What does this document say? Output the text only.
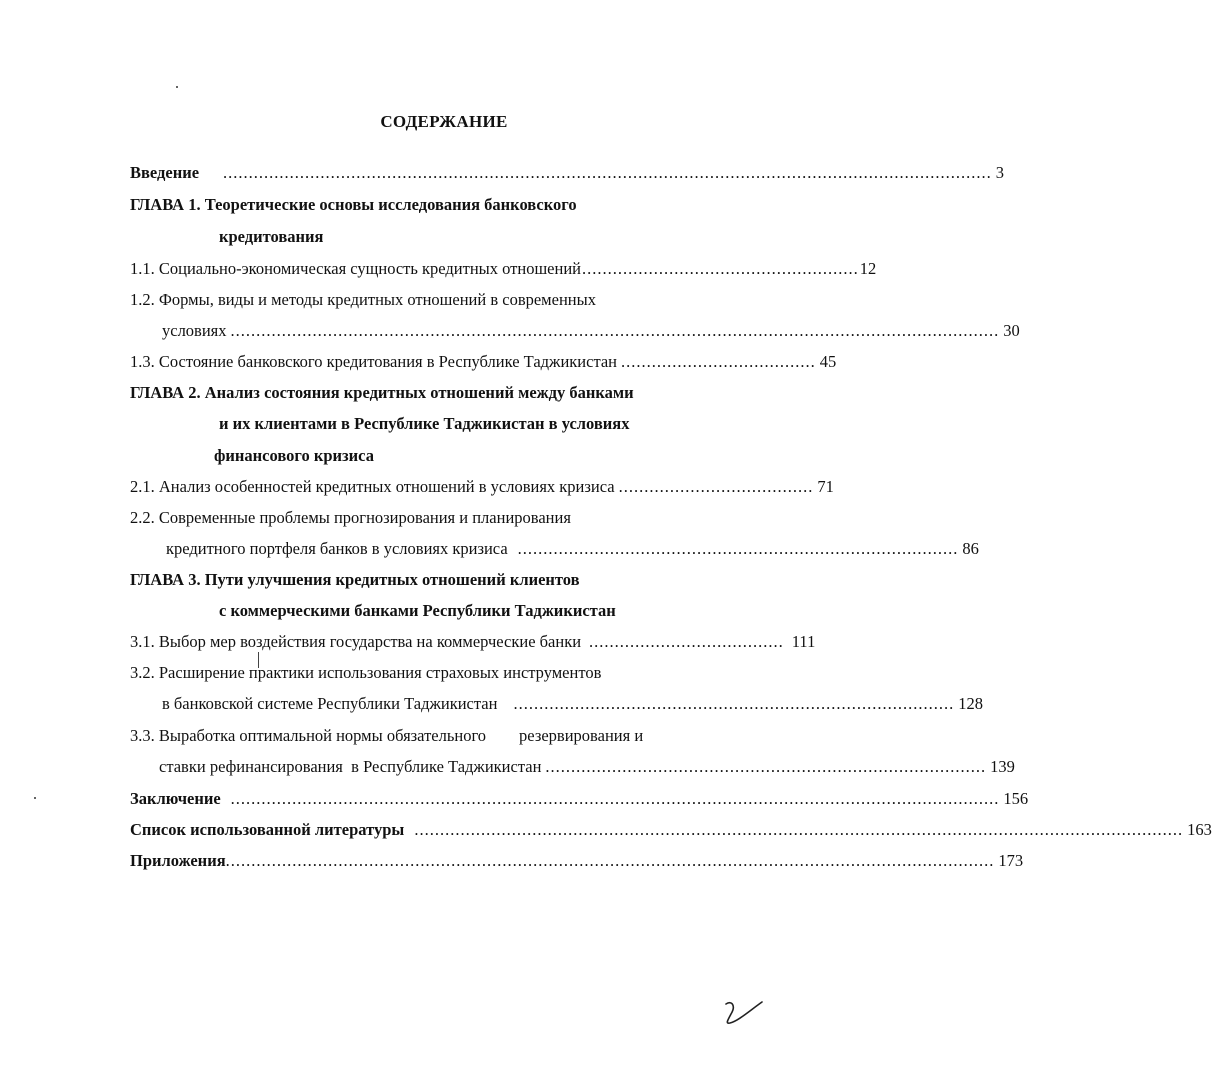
СОДЕРЖАНИЕ
Введение ...................................................................................................................................................... 3
ГЛАВА 1. Теоретические основы исследования банковского
кредитования
1.1. Социально-экономическая сущность кредитных отношений ...................................................... 12
1.2. Формы, виды и методы кредитных отношений в современных
условиях ...................................................................................................................................................... 30
1.3. Состояние банковского кредитования в Республике Таджикистан ...................................... 45
ГЛАВА 2. Анализ состояния кредитных отношений между банками
и их клиентами в Республике Таджикистан в условиях
финансового кризиса
2.1. Анализ особенностей кредитных отношений в условиях кризиса ...................................... 71
2.2. Современные проблемы прогнозирования и планирования
кредитного портфеля банков в условиях кризиса ...................................................................................... 86
ГЛАВА 3. Пути улучшения кредитных отношений клиентов
с коммерческими банками Республики Таджикистан
3.1. Выбор мер воздействия государства на коммерческие банки ...................................... 111
3.2. Расширение практики использования страховых инструментов
в банковской системе Республики Таджикистан ...................................................................................... 128
3.3. Выработка оптимальной нормы обязательного        резервирования и
ставки рефинансирования  в Республике Таджикистан ...................................................................................... 139
Заключение ...................................................................................................................................................... 156
Список использованной литературы ...................................................................................................................................................... 163
Приложения ...................................................................................................................................................... 173
